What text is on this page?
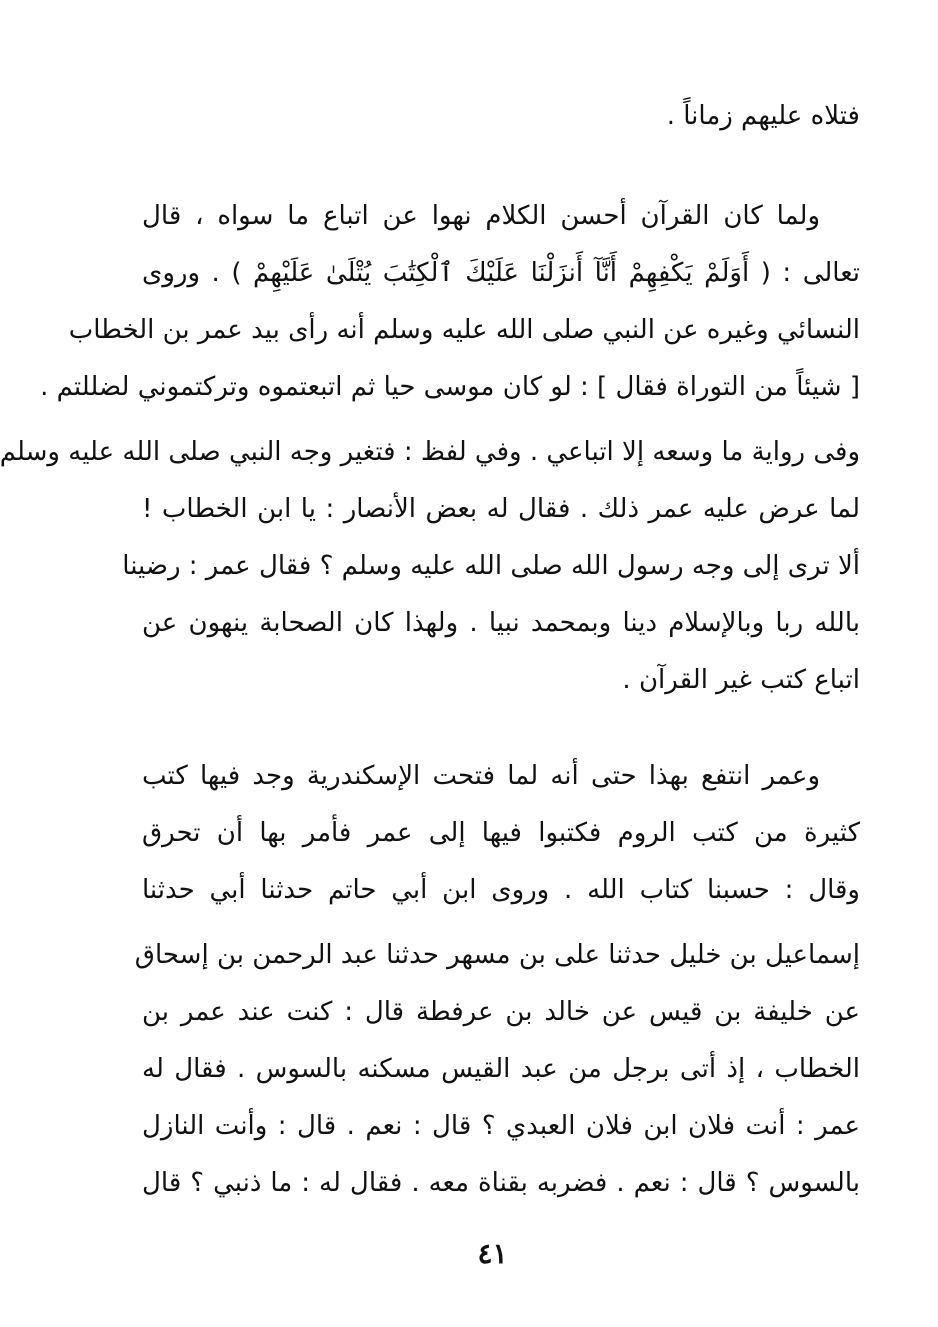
فتلاه عليهم زماناً .
ولما كان القرآن أحسن الكلام نهوا عن اتباع ما سواه ، قال
تعالى : ( أَوَلَمْ يَكْفِهِمْ أَنَّآ أَنزَلْنَا عَلَيْكَ ٱلْكِتَٰبَ يُتْلَىٰ عَلَيْهِمْ ) . وروى
النسائي وغيره عن النبي صلى الله عليه وسلم أنه رأى بيد عمر بن الخطاب
[ شيئاً من التوراة فقال ] : لو كان موسى حيا ثم اتبعتموه وتركتموني لضللتم .
وفى رواية ما وسعه إلا اتباعي . وفي لفظ : فتغير وجه النبي صلى الله عليه وسلم
لما عرض عليه عمر ذلك . فقال له بعض الأنصار : يا ابن الخطاب !
ألا ترى إلى وجه رسول الله صلى الله عليه وسلم ؟ فقال عمر : رضينا
بالله ربا وبالإسلام دينا وبمحمد نبيا . ولهذا كان الصحابة ينهون عن
اتباع كتب غير القرآن .
وعمر انتفع بهذا حتى أنه لما فتحت الإسكندرية وجد فيها كتب
كثيرة من كتب الروم فكتبوا فيها إلى عمر فأمر بها أن تحرق
وقال : حسبنا كتاب الله . وروى ابن أبي حاتم حدثنا أبي حدثنا
إسماعيل بن خليل حدثنا على بن مسهر حدثنا عبد الرحمن بن إسحاق
عن خليفة بن قيس عن خالد بن عرفطة قال : كنت عند عمر بن
الخطاب ، إذ أتى برجل من عبد القيس مسكنه بالسوس . فقال له
عمر : أنت فلان ابن فلان العبدي ؟ قال : نعم . قال : وأنت النازل
بالسوس ؟ قال : نعم . فضربه بقناة معه . فقال له : ما ذنبي ؟ قال
٤١
